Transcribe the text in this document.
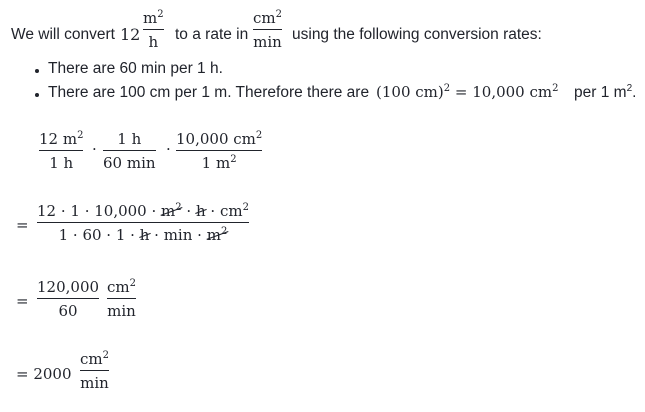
We will convert 12
$m^2$
h	to a rate in
$cm^2$
min using the following conversion rates:
There are 60 min per 1 h.
There are 100 cm per 1 m. Therefore there are (100 cm)$^2$ = 10,000 $cm^2$ per 1 $m^2$.
12 $m^2$
1 h
·
1 h
60 min
·
10,000 $cm^2$
1 $m^2$
=
$12 \cdot 1 \cdot 10,000 \cdot m^2 \cdot h \cdot cm^2$
$1 \cdot 60 \cdot 1 \cdot h \cdot \min \cdot m^2$
=
120,000
60
$cm^2$
min
= 2000
$cm^2$
min
